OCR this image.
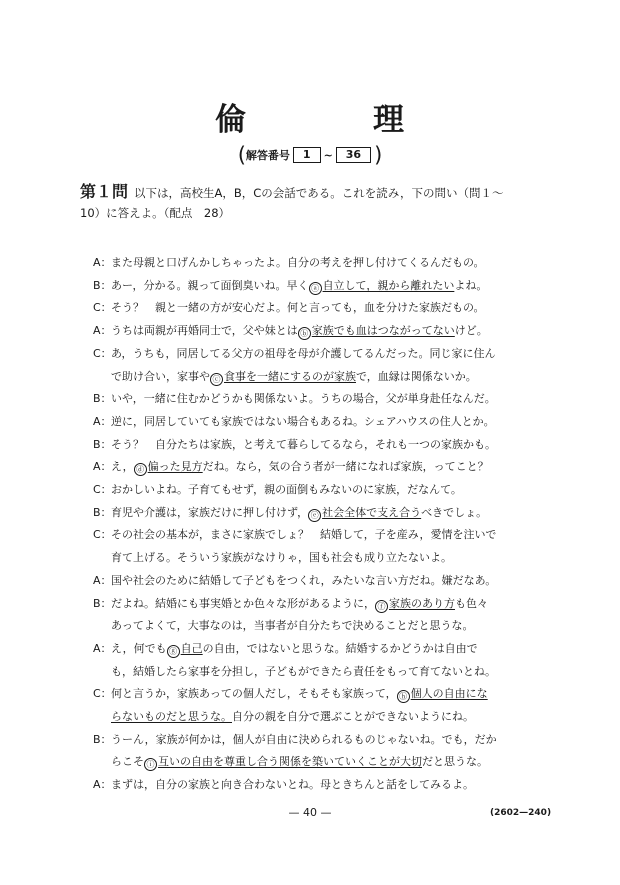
倫	理
(解答番号 1 ~ 36 )
第１問 以下は，高校生A，B，Cの会話である。これを読み，下の問い（問１～
10）に答えよ。（配点　28）
A： また母親と口げんかしちゃったよ。自分の考えを押し付けてくるんだもの。
B： あー，分かる。親って面倒臭いね。早く ⓐ 自立して，親から離れたいよね。
C： そう？　親と一緒の方が安心だよ。何と言っても，血を分けた家族だもの。
A： うちは両親が再婚同士で，父や妹とは ⓑ 家族でも血はつながってないけど。
C： あ，うちも，同居してる父方の祖母を母が介護してるんだった。同じ家に住ん
で助け合い，家事や ⓒ 食事を一緒にするのが家族で，血縁は関係ないか。
B： いや，一緒に住むかどうかも関係ないよ。うちの場合，父が単身赴任なんだ。
A： 逆に，同居していても家族ではない場合もあるね。シェアハウスの住人とか。
B： そう？　自分たちは家族，と考えて暮らしてるなら，それも一つの家族かも。
A： え， ⓓ 偏った見方だね。なら，気の合う者が一緒になれば家族，ってこと？
C： おかしいよね。子育てもせず，親の面倒もみないのに家族，だなんて。
B： 育児や介護は，家族だけに押し付けず， ⓔ 社会全体で支え合うべきでしょ。
C： その社会の基本が，まさに家族でしょ？　結婚して，子を産み，愛情を注いで
育て上げる。そういう家族がなけりゃ，国も社会も成り立たないよ。
A： 国や社会のために結婚して子どもをつくれ，みたいな言い方だね。嫌だなあ。
B： だよね。結婚にも事実婚とか色々な形があるように， ⓕ 家族のあり方も色々
あってよくて，大事なのは，当事者が自分たちで決めることだと思うな。
A： え，何でも ⓖ 自己の自由，ではないと思うな。結婚するかどうかは自由で
も，結婚したら家事を分担し，子どもができたら責任をもって育てないとね。
C： 何と言うか，家族あっての個人だし，そもそも家族って， ⓗ 個人の自由にな
らないものだと思うな。自分の親を自分で選ぶことができないようにね。
B： うーん，家族が何かは，個人が自由に決められるものじゃないね。でも，だか
らこそ ⓘ 互いの自由を尊重し合う関係を築いていくことが大切だと思うな。
A： まずは，自分の家族と向き合わないとね。母ときちんと話をしてみるよ。
— 40 —	(2602—240)
